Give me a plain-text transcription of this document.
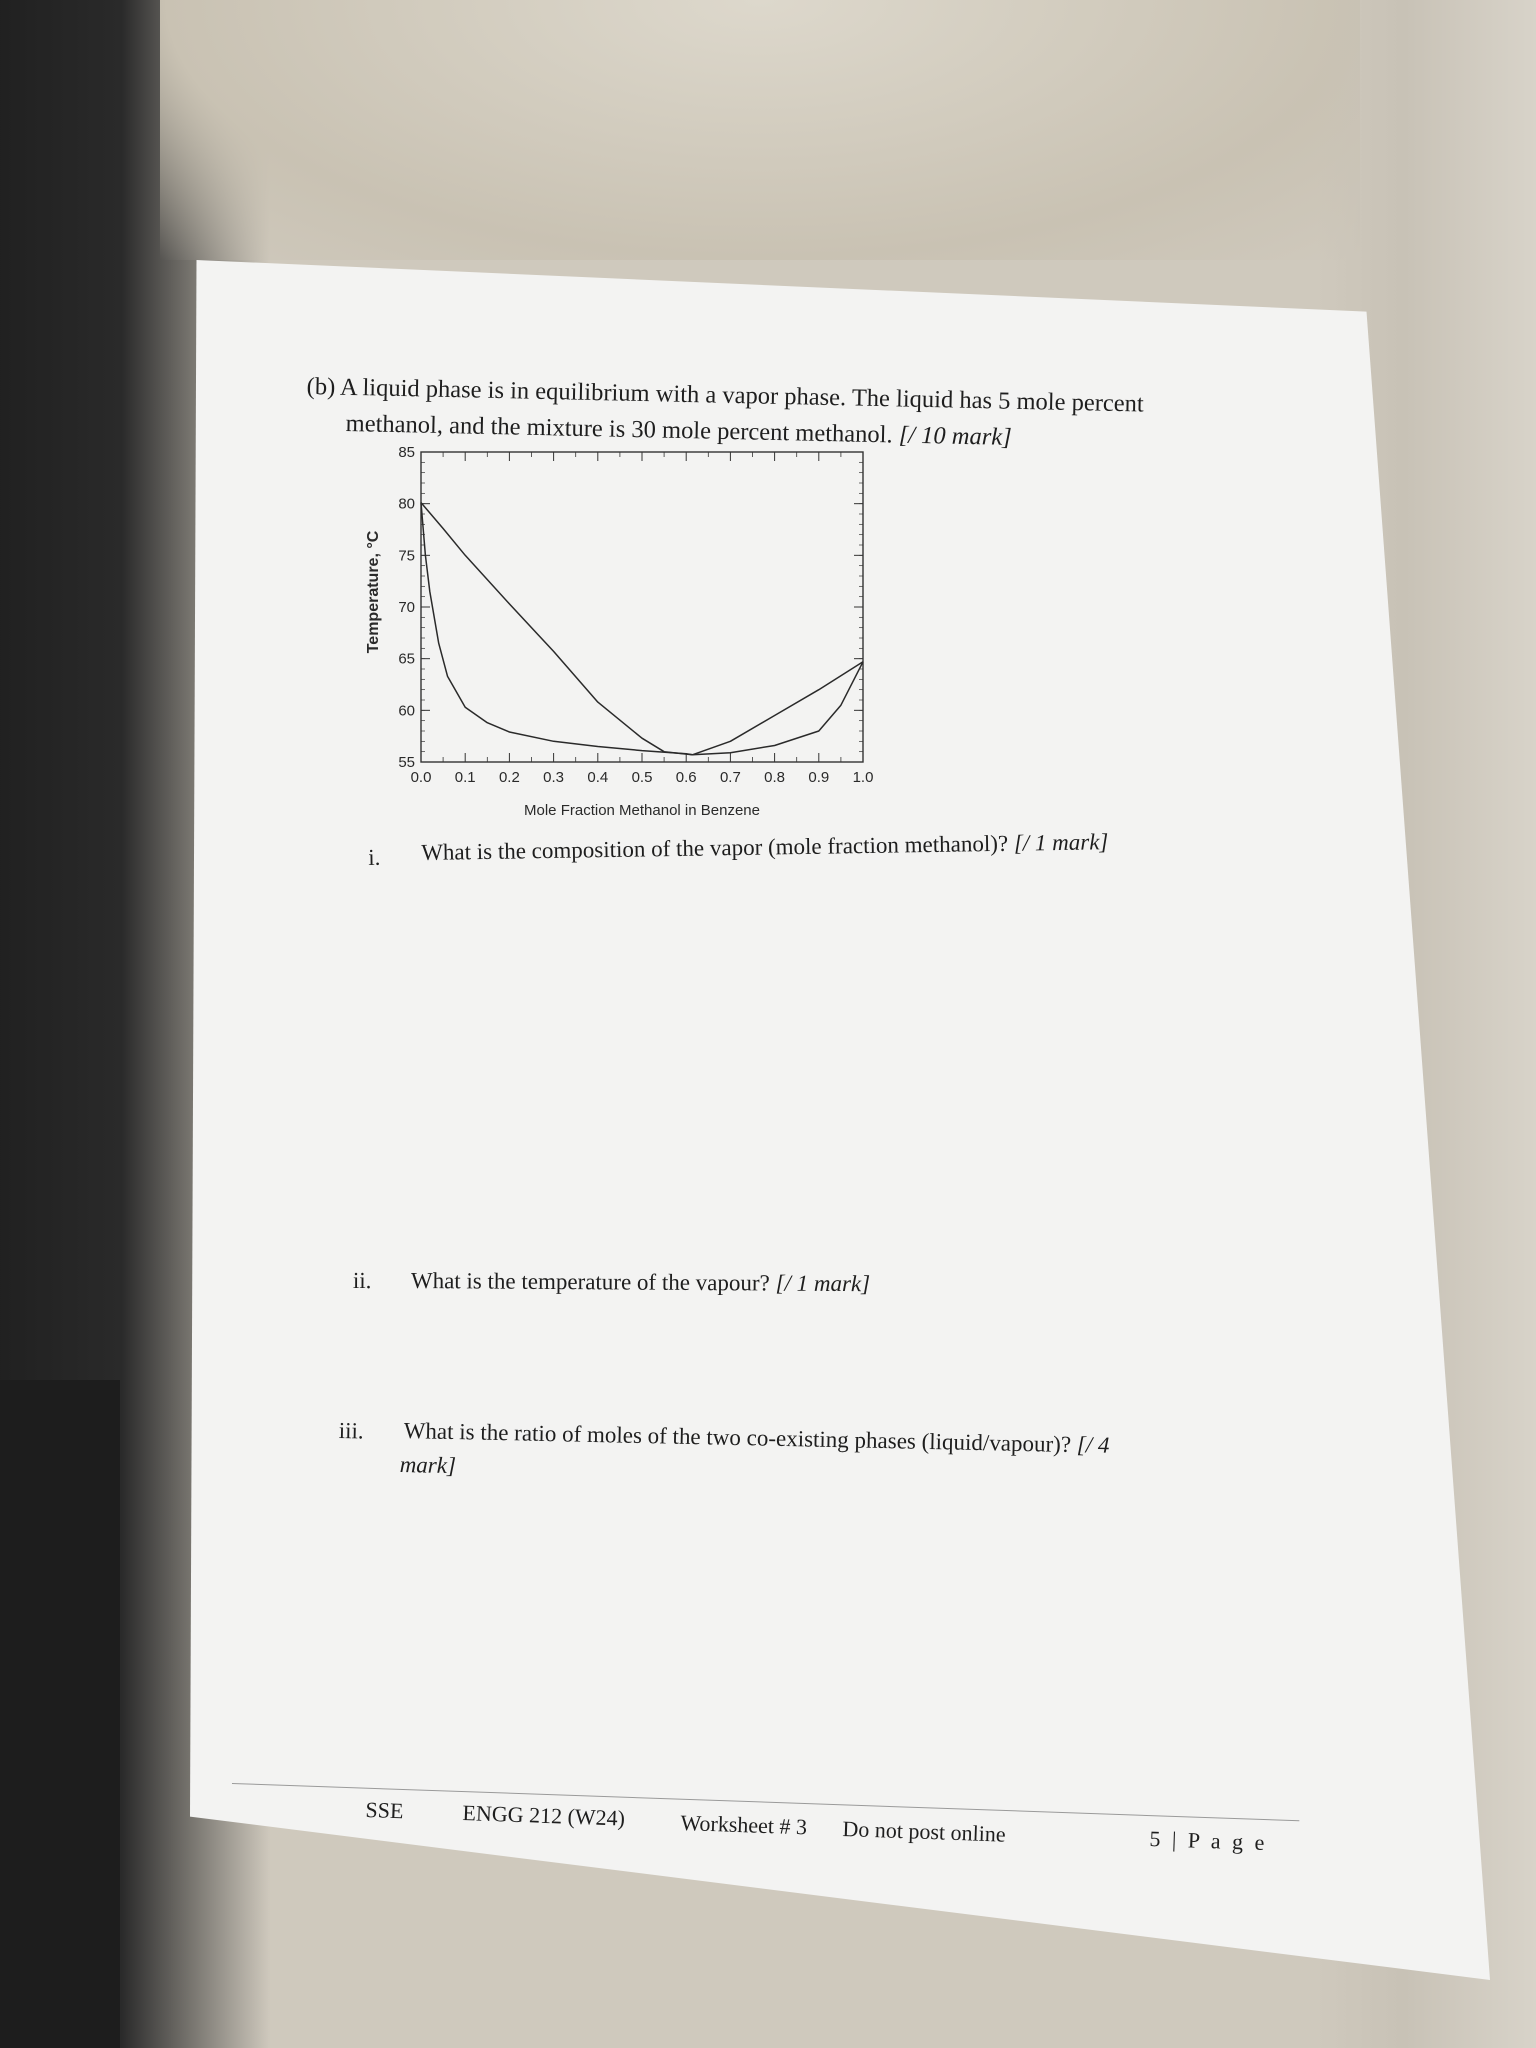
(b) A liquid phase is in equilibrium with a vapor phase. The liquid has 5 mole percent
methanol, and the mixture is 30 mole percent methanol. [/ 10 mark]
0.0 0.1 0.2 0.3 0.4 0.5 0.6 0.7 0.8 0.9 1.0
55
60
65
70
75
80
85
Mole Fraction Methanol in Benzene
Temperature, °C
i. What is the composition of the vapor (mole fraction methanol)? [/ 1 mark]
ii. What is the temperature of the vapour? [/ 1 mark]
iii. What is the ratio of moles of the two co-existing phases (liquid/vapour)? [/ 4
mark]
SSE	ENGG 212 (W24) Worksheet # 3 Do not post online	5 | P a g e
